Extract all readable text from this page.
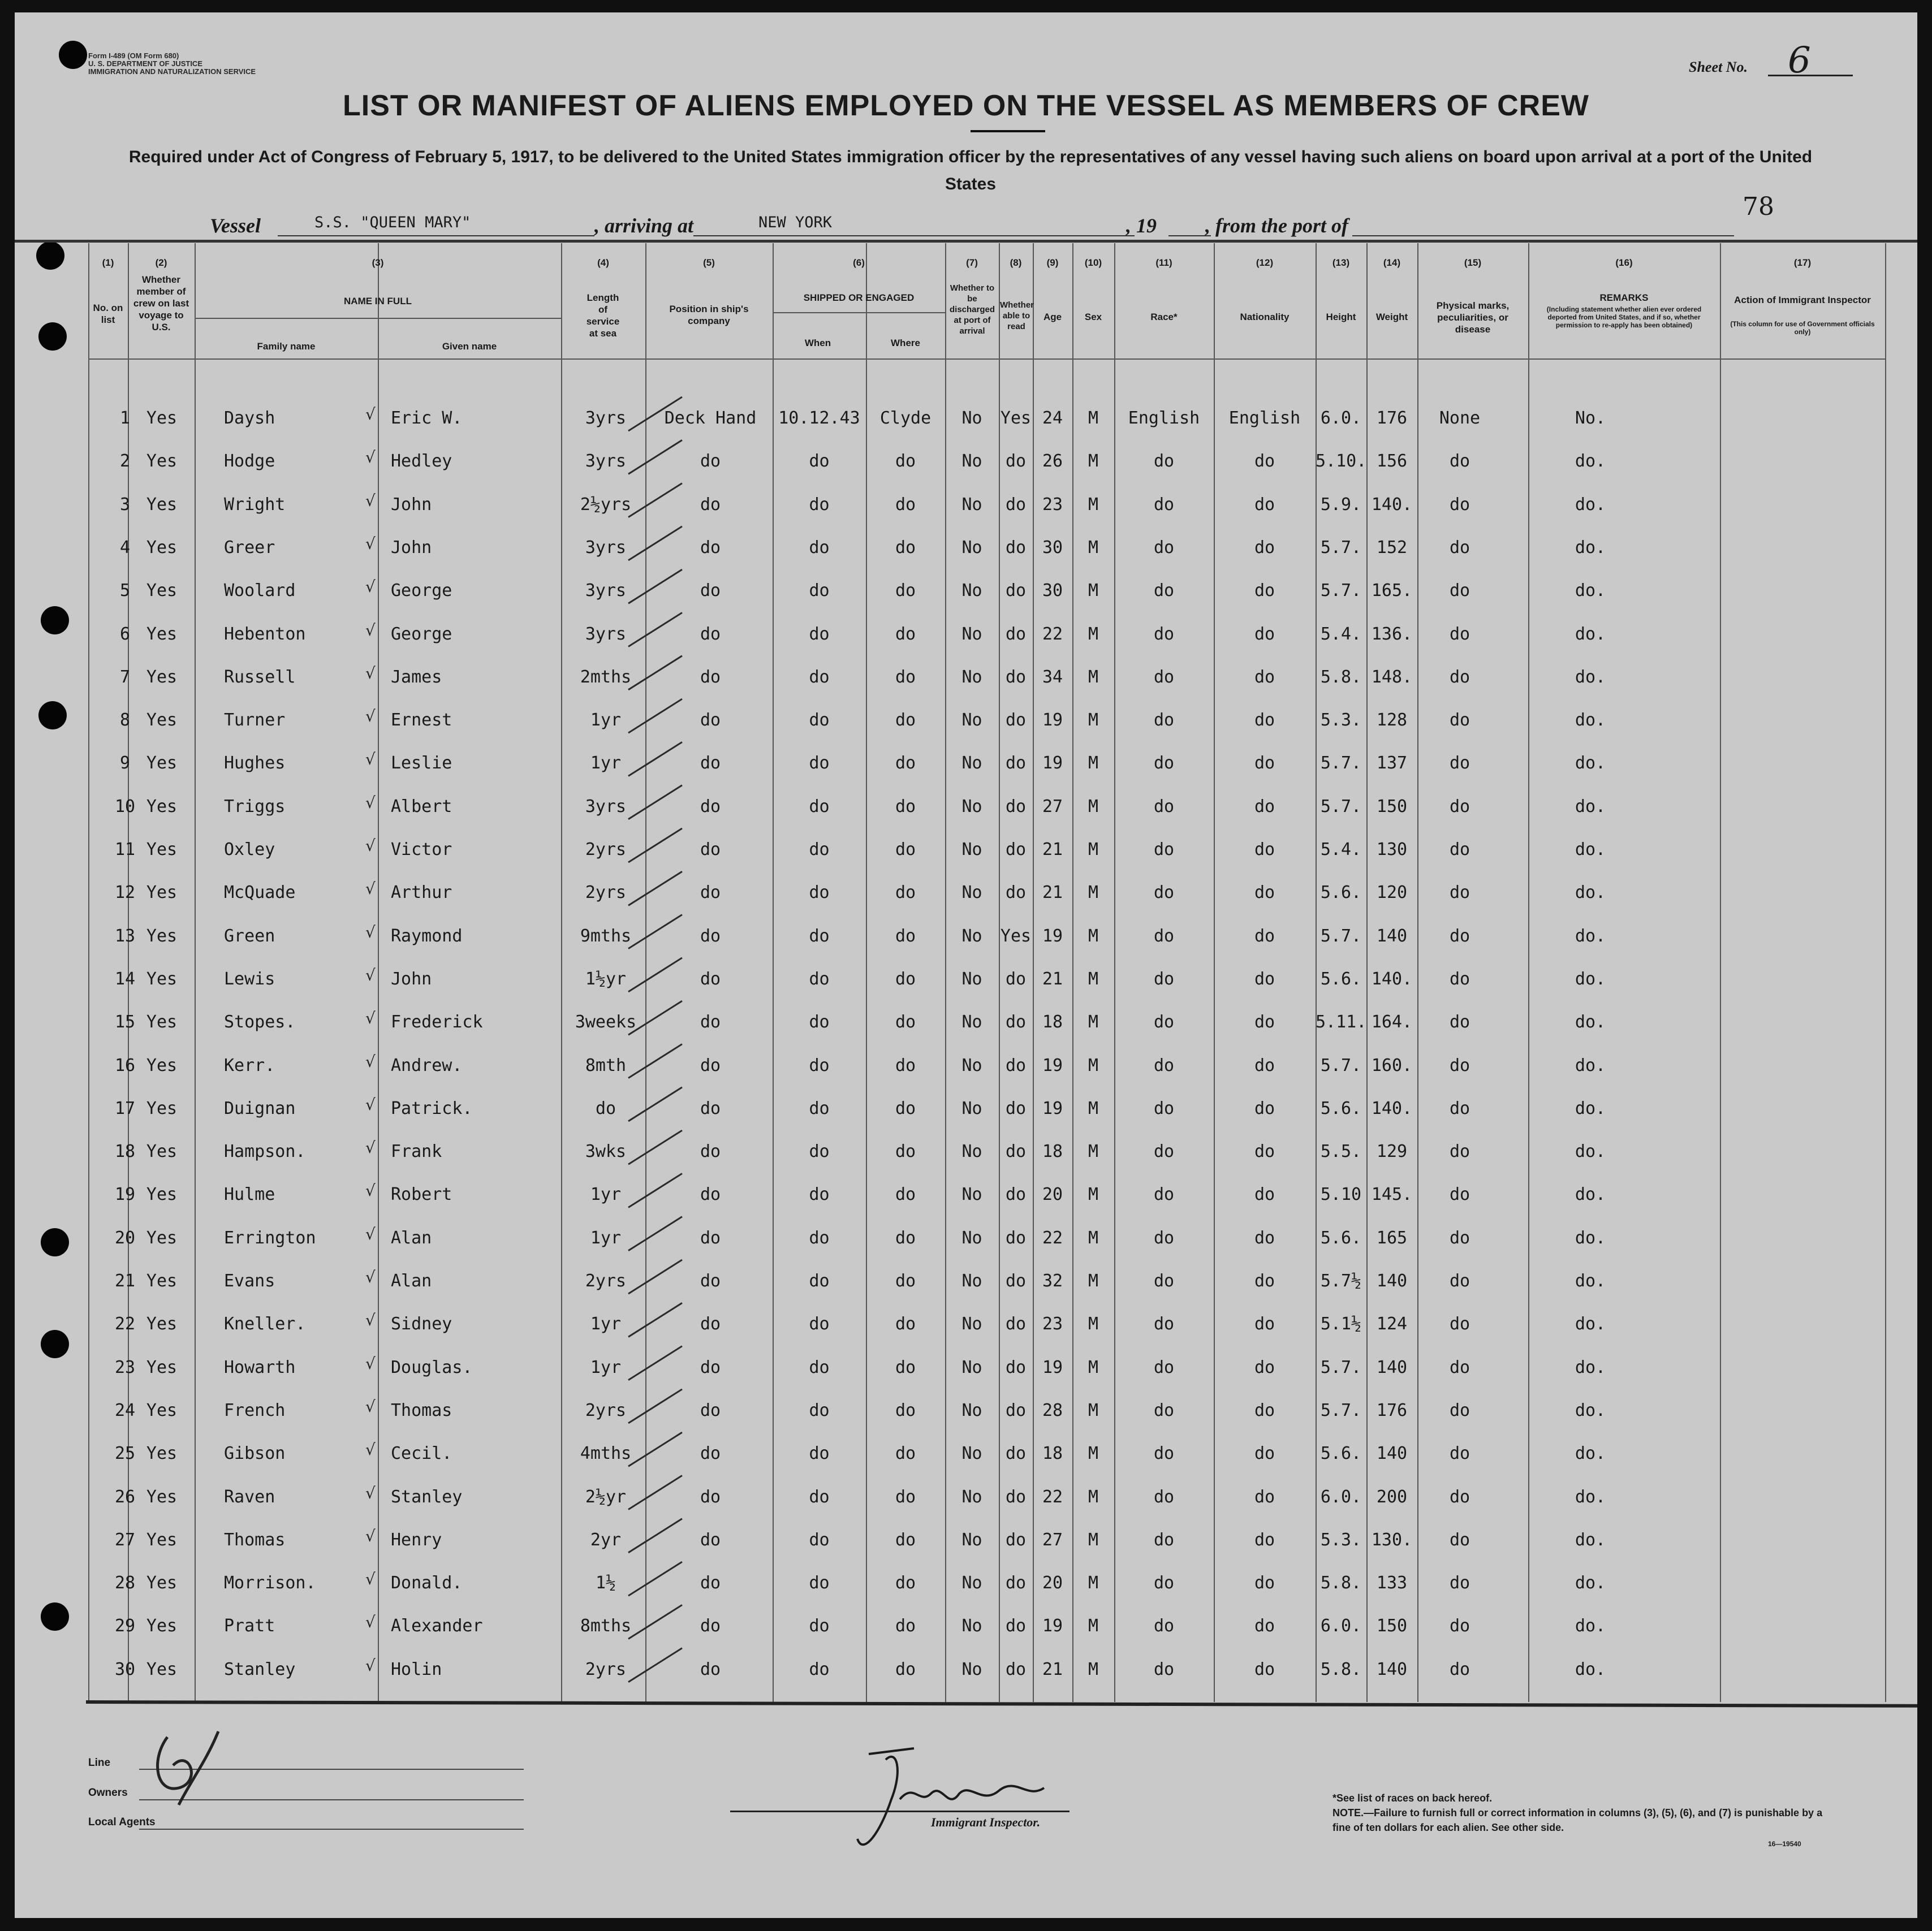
Form I-489 (OM Form 680)
U. S. DEPARTMENT OF JUSTICE
IMMIGRATION AND NATURALIZATION SERVICE	Sheet No. 6
LIST OR MANIFEST OF ALIENS EMPLOYED ON THE VESSEL AS MEMBERS OF CREW
Required under Act of Congress of February 5, 1917, to be delivered to the United States immigration officer by the representatives of any vessel having such aliens on board upon arrival at a port of the United States
Vessel	S.S. "QUEEN MARY"	, arriving at	NEW YORK	, 19 , from the port of
78
(1)	(2)	(3)	(4)	(5)	(6)	(7)	(8)	(9)	(10)	(11)	(12)	(13)	(14)	(15)	(16)	(17)
No. on list
Whether member of crew on last voyage to U.S.
NAME IN FULL
Family name	Given name
Length of service at sea
Position in ship's company
SHIPPED OR ENGAGED
When	Where
Whether to be discharged at port of arrival
Whether able to read
Age	Sex	Race*	Nationality	Height	Weight
Physical marks, peculiarities, or disease
REMARKS
(Including statement whether alien ever ordered deported from United States, and if so, whether permission to re-apply has been obtained)
Action of Immigrant Inspector
(This column for use of Government officials only)
1 Yes	Daysh	Eric W.	3yrs	Deck Hand	10.12.43	Clyde	No	Yes 24	M	English	English	6.0. 176	None	No.
√
2 Yes	Hodge	Hedley	3yrs	do	do	do	No	do 26	M	do	do	5.10. 156	do	do.
√
3 Yes	Wright	John	2½yrs	do	do	do	No	do 23	M	do	do	5.9. 140.	do	do.
√
4 Yes	Greer	John	3yrs	do	do	do	No	do 30	M	do	do	5.7. 152	do	do.
√
5 Yes	Woolard	George	3yrs	do	do	do	No	do 30	M	do	do	5.7. 165.	do	do.
√
6 Yes	Hebenton	George	3yrs	do	do	do	No	do 22	M	do	do	5.4. 136.	do	do.
√
7 Yes	Russell	James	2mths	do	do	do	No	do 34	M	do	do	5.8. 148.	do	do.
√
8 Yes	Turner	Ernest	1yr	do	do	do	No	do 19	M	do	do	5.3. 128	do	do.
√
9 Yes	Hughes	Leslie	1yr	do	do	do	No	do 19	M	do	do	5.7. 137	do	do.
√
10 Yes	Triggs	Albert	3yrs	do	do	do	No	do 27	M	do	do	5.7. 150	do	do.
√
11 Yes	Oxley	Victor	2yrs	do	do	do	No	do 21	M	do	do	5.4. 130	do	do.
√
12 Yes	McQuade	Arthur	2yrs	do	do	do	No	do 21	M	do	do	5.6. 120	do	do.
√
13 Yes	Green	Raymond	9mths	do	do	do	No	Yes 19	M	do	do	5.7. 140	do	do.
√
14 Yes	Lewis	John	1½yr	do	do	do	No	do 21	M	do	do	5.6. 140.	do	do.
√
15 Yes	Stopes.	Frederick	3weeks	do	do	do	No	do 18	M	do	do	5.11. 164.	do	do.
√
16 Yes	Kerr.	Andrew.	8mth	do	do	do	No	do 19	M	do	do	5.7. 160.	do	do.
√
17 Yes	Duignan	Patrick.	do	do	do	do	No	do 19	M	do	do	5.6. 140.	do	do.
√
18 Yes	Hampson.	Frank	3wks	do	do	do	No	do 18	M	do	do	5.5. 129	do	do.
√
19 Yes	Hulme	Robert	1yr	do	do	do	No	do 20	M	do	do	5.10 145.	do	do.
√
20 Yes	Errington	Alan	1yr	do	do	do	No	do 22	M	do	do	5.6. 165	do	do.
√
21 Yes	Evans	Alan	2yrs	do	do	do	No	do 32	M	do	do	5.7½ 140	do	do.
√
22 Yes	Kneller.	Sidney	1yr	do	do	do	No	do 23	M	do	do	5.1½ 124	do	do.
√
23 Yes	Howarth	Douglas.	1yr	do	do	do	No	do 19	M	do	do	5.7. 140	do	do.
√
24 Yes	French	Thomas	2yrs	do	do	do	No	do 28	M	do	do	5.7. 176	do	do.
√
25 Yes	Gibson	Cecil.	4mths	do	do	do	No	do 18	M	do	do	5.6. 140	do	do.
√
26 Yes	Raven	Stanley	2½yr	do	do	do	No	do 22	M	do	do	6.0. 200	do	do.
√
27 Yes	Thomas	Henry	2yr	do	do	do	No	do 27	M	do	do	5.3. 130.	do	do.
√
28 Yes	Morrison.	Donald.	1½	do	do	do	No	do 20	M	do	do	5.8. 133	do	do.
√
29 Yes	Pratt	Alexander	8mths	do	do	do	No	do 19	M	do	do	6.0. 150	do	do.
√
30 Yes	Stanley	Holin	2yrs	do	do	do	No	do 21	M	do	do	5.8. 140	do	do.
√
Line
Owners
Local Agents	Immigrant Inspector.
*See list of races on back hereof.
NOTE.—Failure to furnish full or correct information in columns (3), (5), (6), and (7) is punishable by a fine of ten dollars for each alien. See other side.
16—19540
